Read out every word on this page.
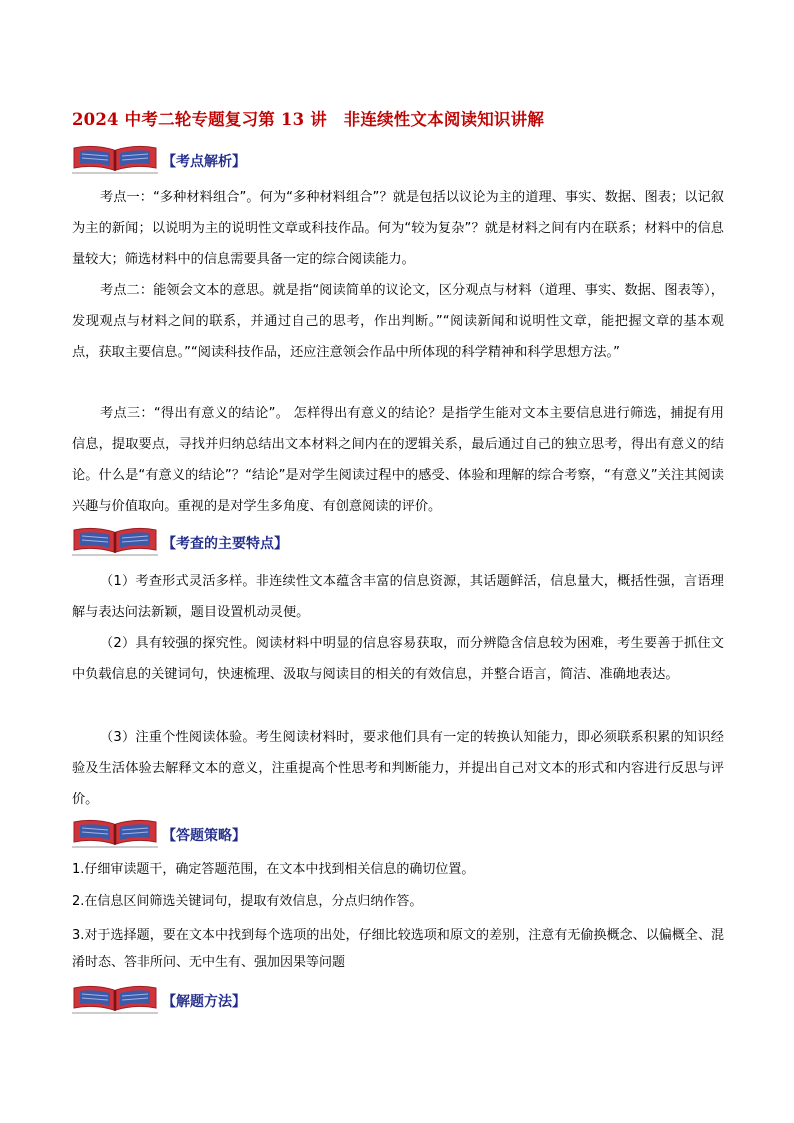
2024 中考二轮专题复习第 13 讲　非连续性文本阅读知识讲解
【考点解析】

考点一：“多种材料组合”。何为“多种材料组合”？就是包括以议论为主的道理、事实、数据、图表；以记叙为主的新闻；以说明为主的说明性文章或科技作品。何为“较为复杂”？就是材料之间有内在联系；材料中的信息量较大；筛选材料中的信息需要具备一定的综合阅读能力。

考点二：能领会文本的意思。就是指“阅读简单的议论文，区分观点与材料（道理、事实、数据、图表等），发现观点与材料之间的联系，并通过自己的思考，作出判断。”“阅读新闻和说明性文章，能把握文章的基本观点，获取主要信息。”“阅读科技作品，还应注意领会作品中所体现的科学精神和科学思想方法。”

考点三：“得出有意义的结论”。 怎样得出有意义的结论？是指学生能对文本主要信息进行筛选，捕捉有用信息，提取要点，寻找并归纳总结出文本材料之间内在的逻辑关系，最后通过自己的独立思考，得出有意义的结论。什么是“有意义的结论”？“结论”是对学生阅读过程中的感受、体验和理解的综合考察，“有意义”关注其阅读兴趣与价值取向。重视的是对学生多角度、有创意阅读的评价。

【考查的主要特点】

（1）考查形式灵活多样。非连续性文本蕴含丰富的信息资源，其话题鲜活，信息量大，概括性强，言语理解与表达问法新颖，题目设置机动灵便。

（2）具有较强的探究性。阅读材料中明显的信息容易获取，而分辨隐含信息较为困难，考生要善于抓住文中负载信息的关键词句，快速梳理、汲取与阅读目的相关的有效信息，并整合语言，简洁、准确地表达。

（3）注重个性阅读体验。考生阅读材料时，要求他们具有一定的转换认知能力，即必须联系积累的知识经验及生活体验去解释文本的意义，注重提高个性思考和判断能力，并提出自己对文本的形式和内容进行反思与评价。

【答题策略】

1.仔细审读题干，确定答题范围，在文本中找到相关信息的确切位置。

2.在信息区间筛选关键词句，提取有效信息，分点归纳作答。

3.对于选择题，要在文本中找到每个选项的出处，仔细比较选项和原文的差别，注意有无偷换概念、以偏概全、混淆时态、答非所问、无中生有、强加因果等问题

【解题方法】
